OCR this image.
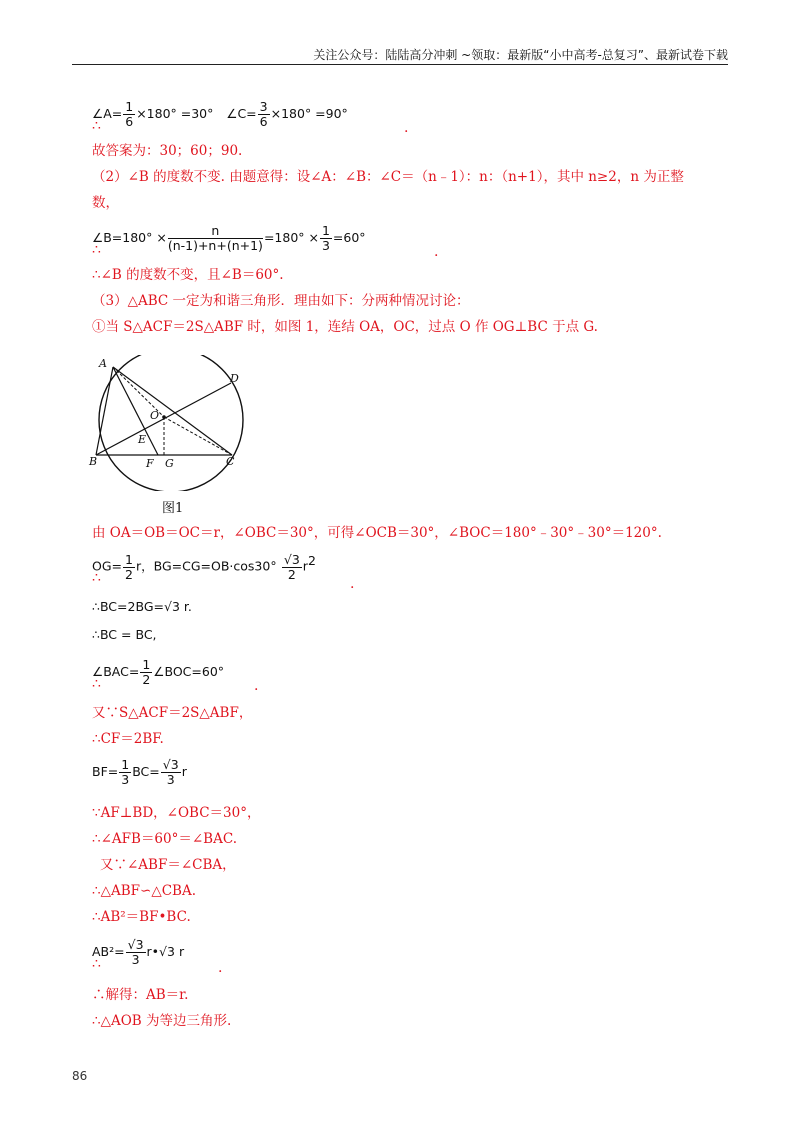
关注公众号：陆陆高分冲刺 ~领取：最新版“小中高考-总复习”、最新试卷下载
∠A= $\frac{1}{6} \times 180^\circ =30^\circ$ ∠C= $\frac{3}{6} \times 180^\circ =90^\circ$
∴	.
故答案为：30；60；90.
（2）∠B 的度数不变. 由题意得：设∠A：∠B：∠C＝（n﹣1）：n：（n+1），其中 n≥2，n 为正整
数，
∠B=180° × $\frac{n}{(n-1)+n+(n+1)} =180^\circ \times \frac{1}{3} =60^\circ$
∴	.
∴∠B 的度数不变，且∠B＝60°.
（3）△ABC 一定为和谐三角形．理由如下：分两种情况讨论：
①当 S△ACF＝2S△ABF 时，如图 1，连结 OA，OC，过点 O 作 OG⊥BC 于点 G.
A
B	C
D
E
F G
O
图1
由 OA＝OB＝OC＝r，∠OBC＝30°，可得∠OCB＝30°，∠BOC＝180°﹣30°﹣30°＝120°.
$OG= \frac{1}{2}$ r，$BG=CG=OB\cdot\cos 30^\circ \frac{√3}{2} r^2$
∴	.
∴BC=2BG=√3 r.
∴BC = BC,
∠BAC= $\frac{1}{2}$ ∠BOC=60°
∴	.
又∵S△ACF＝2S△ABF，
∴CF＝2BF.
$BF= \frac{1}{3} BC= \frac{√3}{3}$ r
∵AF⊥BD，∠OBC＝30°，
∴∠AFB＝60°＝∠BAC.
又∵∠ABF＝∠CBA，
∴△ABF∽△CBA.
∴AB²＝BF•BC.
$AB^2= \frac{√3}{3}$ r•√3 r
∴	.
∴解得：AB＝r.
∴△AOB 为等边三角形.
86
